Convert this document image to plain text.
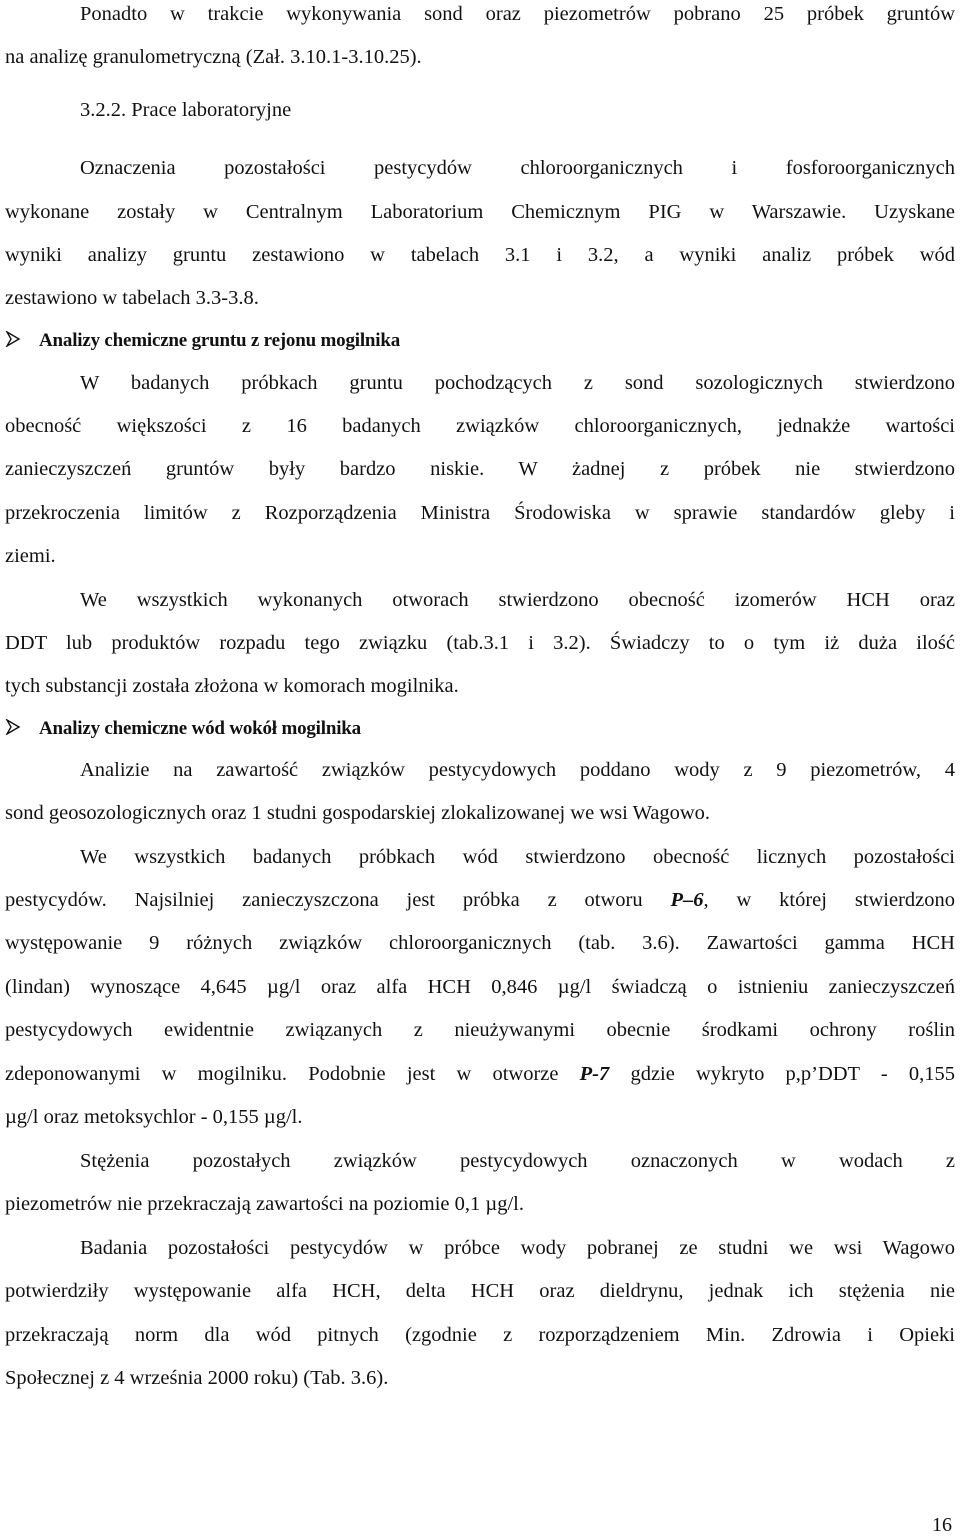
Ponadto w trakcie wykonywania sond oraz piezometrów pobrano 25 próbek gruntów
na analizę granulometryczną (Zał. 3.10.1-3.10.25).
3.2.2. Prace laboratoryjne
Oznaczenia pozostałości pestycydów chloroorganicznych i fosforoorganicznych
wykonane zostały w Centralnym Laboratorium Chemicznym PIG w Warszawie. Uzyskane
wyniki analizy gruntu zestawiono w tabelach 3.1 i 3.2, a wyniki analiz próbek wód
zestawiono w tabelach 3.3-3.8.
Analizy chemiczne gruntu z rejonu mogilnika
W badanych próbkach gruntu pochodzących z sond sozologicznych stwierdzono
obecność większości z 16 badanych związków chloroorganicznych, jednakże wartości
zanieczyszczeń gruntów były bardzo niskie. W żadnej z próbek nie stwierdzono
przekroczenia limitów z Rozporządzenia Ministra Środowiska w sprawie standardów gleby i
ziemi.
We wszystkich wykonanych otworach stwierdzono obecność izomerów HCH oraz
DDT lub produktów rozpadu tego związku (tab.3.1 i 3.2). Świadczy to o tym iż duża ilość
tych substancji została złożona w komorach mogilnika.
Analizy chemiczne wód wokół mogilnika
Analizie na zawartość związków pestycydowych poddano wody z 9 piezometrów, 4
sond geosozologicznych oraz 1 studni gospodarskiej zlokalizowanej we wsi Wagowo.
We wszystkich badanych próbkach wód stwierdzono obecność licznych pozostałości
pestycydów. Najsilniej zanieczyszczona jest próbka z otworu P–6, w której stwierdzono
występowanie 9 różnych związków chloroorganicznych (tab. 3.6). Zawartości gamma HCH
(lindan) wynoszące 4,645 µg/l oraz alfa HCH 0,846 µg/l świadczą o istnieniu zanieczyszczeń
pestycydowych ewidentnie związanych z nieużywanymi obecnie środkami ochrony roślin
zdeponowanymi w mogilniku. Podobnie jest w otworze P-7 gdzie wykryto p,p’DDT - 0,155
µg/l oraz metoksychlor - 0,155 µg/l.
Stężenia pozostałych związków pestycydowych oznaczonych w wodach z
piezometrów nie przekraczają zawartości na poziomie 0,1 µg/l.
Badania pozostałości pestycydów w próbce wody pobranej ze studni we wsi Wagowo
potwierdziły występowanie alfa HCH, delta HCH oraz dieldrynu, jednak ich stężenia nie
przekraczają norm dla wód pitnych (zgodnie z rozporządzeniem Min. Zdrowia i Opieki
Społecznej z 4 września 2000 roku) (Tab. 3.6).
16
